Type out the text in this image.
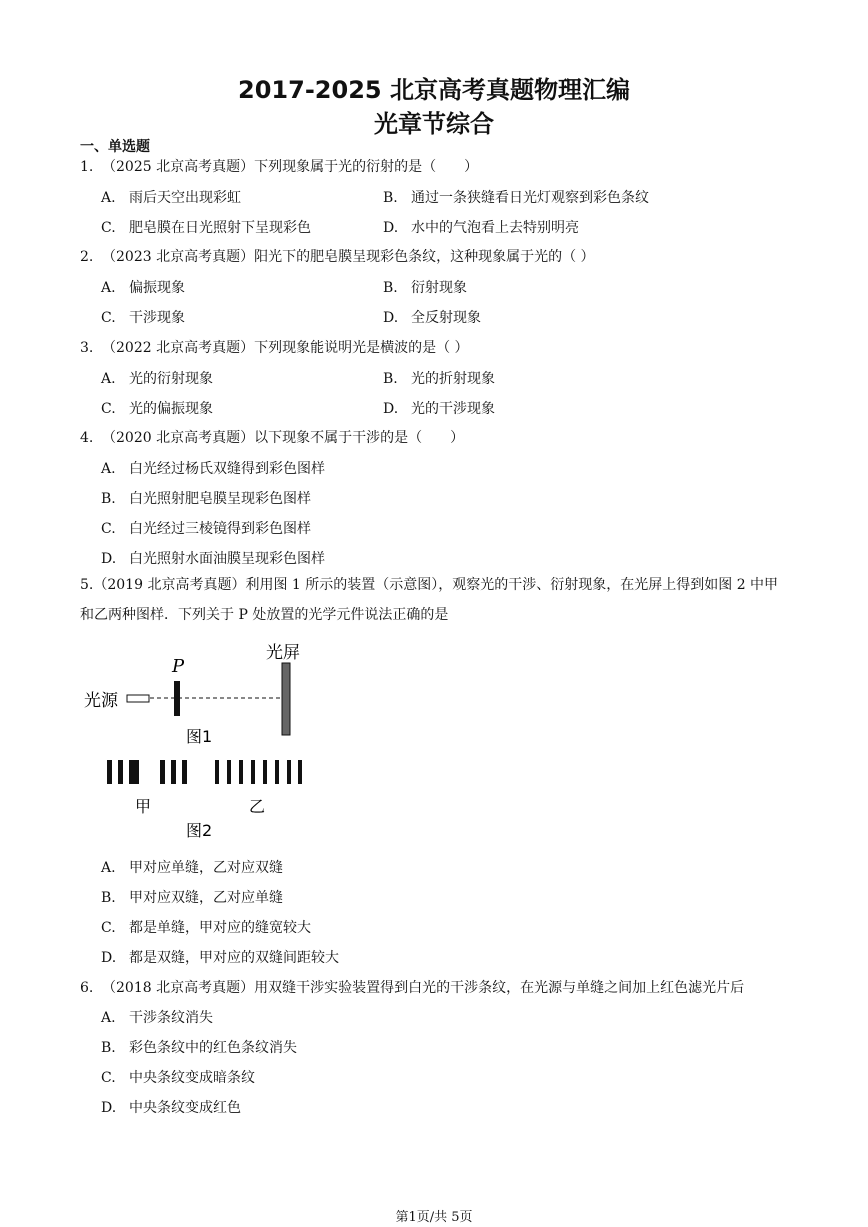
2017-2025 北京高考真题物理汇编
光章节综合
一、单选题
1. （2025 北京高考真题）下列现象属于光的衍射的是（　　）
A. 雨后天空出现彩虹	B. 通过一条狭缝看日光灯观察到彩色条纹
C. 肥皂膜在日光照射下呈现彩色	D. 水中的气泡看上去特别明亮
2. （2023 北京高考真题）阳光下的肥皂膜呈现彩色条纹，这种现象属于光的（ ）
A. 偏振现象	B. 衍射现象
C. 干涉现象	D. 全反射现象
3. （2022 北京高考真题）下列现象能说明光是横波的是（ ）
A. 光的衍射现象	B. 光的折射现象
C. 光的偏振现象	D. 光的干涉现象
4. （2020 北京高考真题）以下现象不属于干涉的是（　　）
A. 白光经过杨氏双缝得到彩色图样
B. 白光照射肥皂膜呈现彩色图样
C. 白光经过三棱镜得到彩色图样
D. 白光照射水面油膜呈现彩色图样
5.（2019 北京高考真题）利用图 1 所示的装置（示意图），观察光的干涉、衍射现象，在光屏上得到如图 2 中甲和乙两种图样．下列关于 P 处放置的光学元件说法正确的是
光源
P
光屏
图1
甲	乙
图2
A. 甲对应单缝，乙对应双缝
B. 甲对应双缝，乙对应单缝
C. 都是单缝，甲对应的缝宽较大
D. 都是双缝，甲对应的双缝间距较大
6. （2018 北京高考真题）用双缝干涉实验装置得到白光的干涉条纹，在光源与单缝之间加上红色滤光片后
A. 干涉条纹消失
B. 彩色条纹中的红色条纹消失
C. 中央条纹变成暗条纹
D. 中央条纹变成红色
第1页/共 5页
